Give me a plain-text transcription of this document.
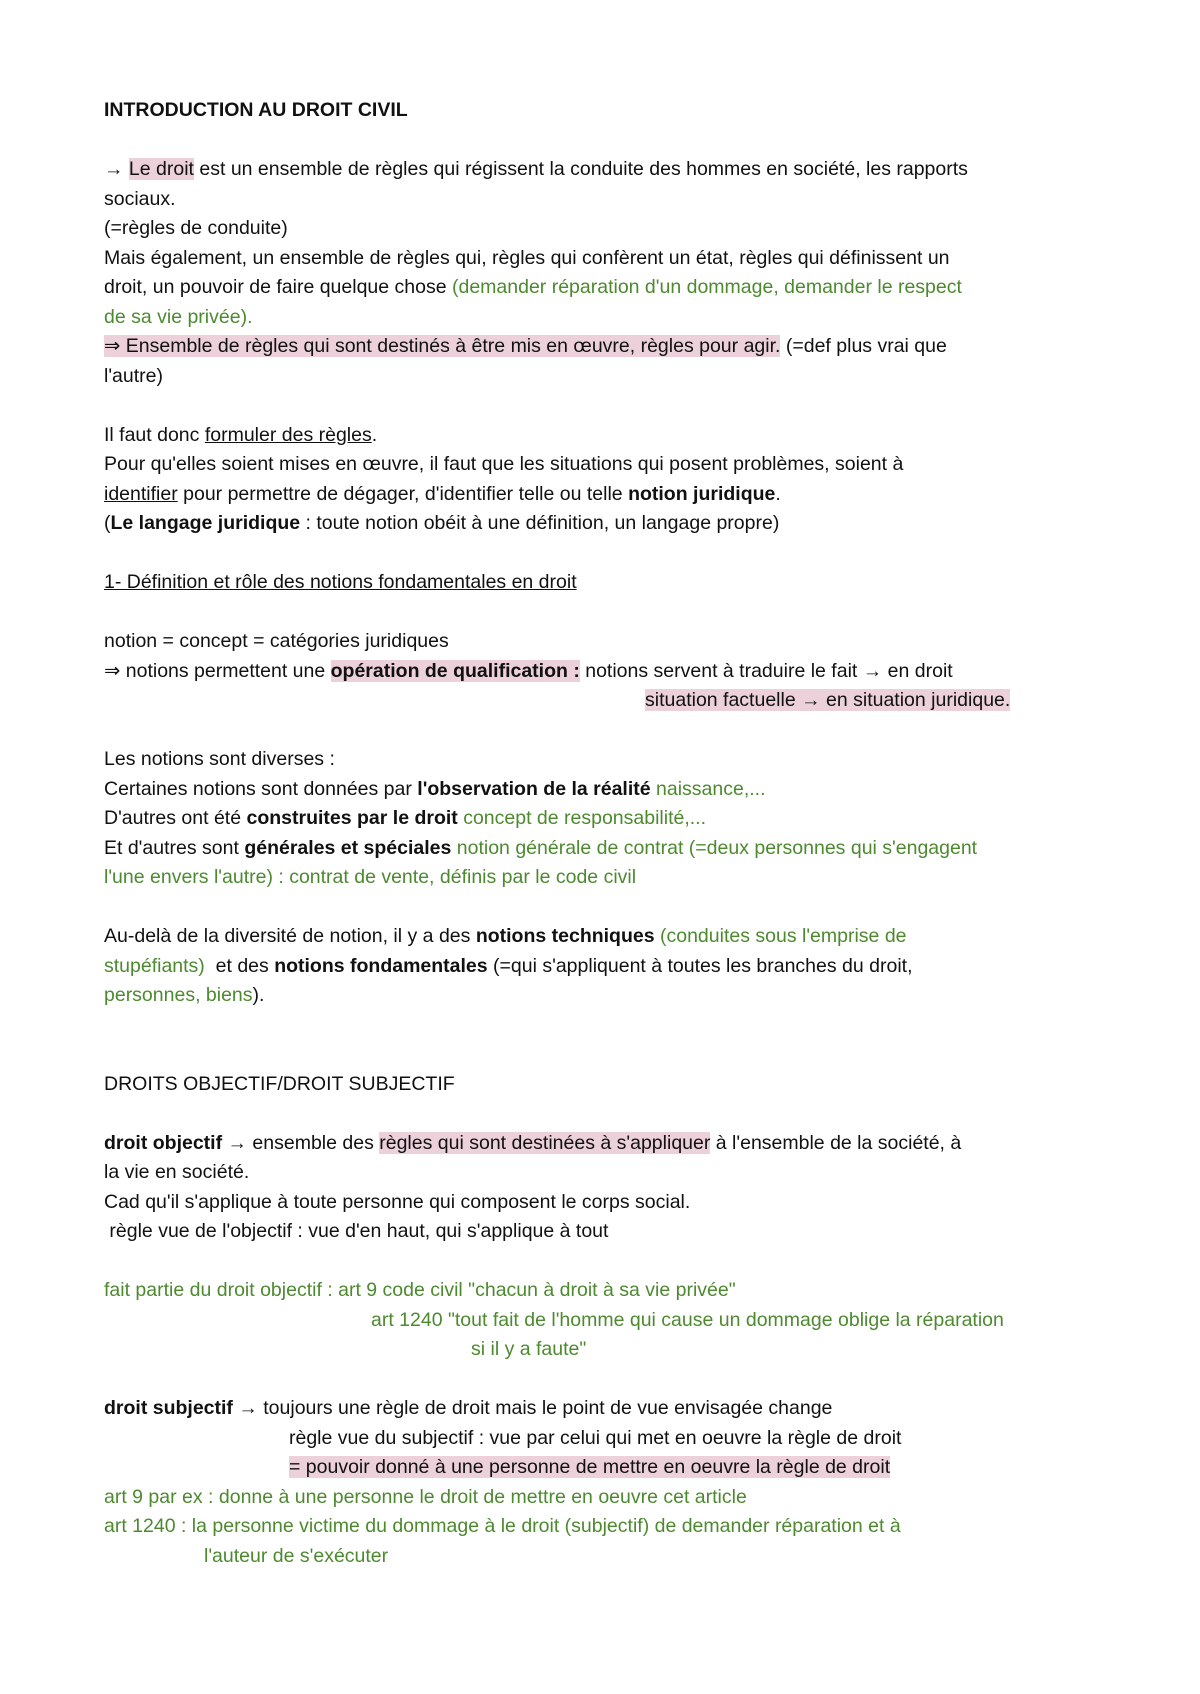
INTRODUCTION AU DROIT CIVIL
→ Le droit est un ensemble de règles qui régissent la conduite des hommes en société, les rapports
sociaux.
(=règles de conduite)
Mais également, un ensemble de règles qui, règles qui confèrent un état, règles qui définissent un
droit, un pouvoir de faire quelque chose (demander réparation d'un dommage, demander le respect
de sa vie privée).
⇒ Ensemble de règles qui sont destinés à être mis en œuvre, règles pour agir. (=def plus vrai que
l'autre)
Il faut donc formuler des règles.
Pour qu'elles soient mises en œuvre, il faut que les situations qui posent problèmes, soient à
identifier pour permettre de dégager, d'identifier telle ou telle notion juridique.
(Le langage juridique : toute notion obéit à une définition, un langage propre)
1- Définition et rôle des notions fondamentales en droit
notion = concept = catégories juridiques
⇒ notions permettent une opération de qualification : notions servent à traduire le fait → en droit
situation factuelle → en situation juridique.
Les notions sont diverses :
Certaines notions sont données par l'observation de la réalité naissance,...
D'autres ont été construites par le droit concept de responsabilité,...
Et d'autres sont générales et spéciales notion générale de contrat (=deux personnes qui s'engagent
l'une envers l'autre) : contrat de vente, définis par le code civil
Au-delà de la diversité de notion, il y a des notions techniques (conduites sous l'emprise de
stupéfiants)  et des notions fondamentales (=qui s'appliquent à toutes les branches du droit,
personnes, biens).
DROITS OBJECTIF/DROIT SUBJECTIF
droit objectif → ensemble des règles qui sont destinées à s'appliquer à l'ensemble de la société, à
la vie en société.
Cad qu'il s'applique à toute personne qui composent le corps social.
règle vue de l'objectif : vue d'en haut, qui s'applique à tout
fait partie du droit objectif : art 9 code civil "chacun à droit à sa vie privée"
art 1240 "tout fait de l'homme qui cause un dommage oblige la réparation
si il y a faute"
droit subjectif → toujours une règle de droit mais le point de vue envisagée change
règle vue du subjectif : vue par celui qui met en oeuvre la règle de droit
= pouvoir donné à une personne de mettre en oeuvre la règle de droit
art 9 par ex : donne à une personne le droit de mettre en oeuvre cet article
art 1240 : la personne victime du dommage à le droit (subjectif) de demander réparation et à
l'auteur de s'exécuter
